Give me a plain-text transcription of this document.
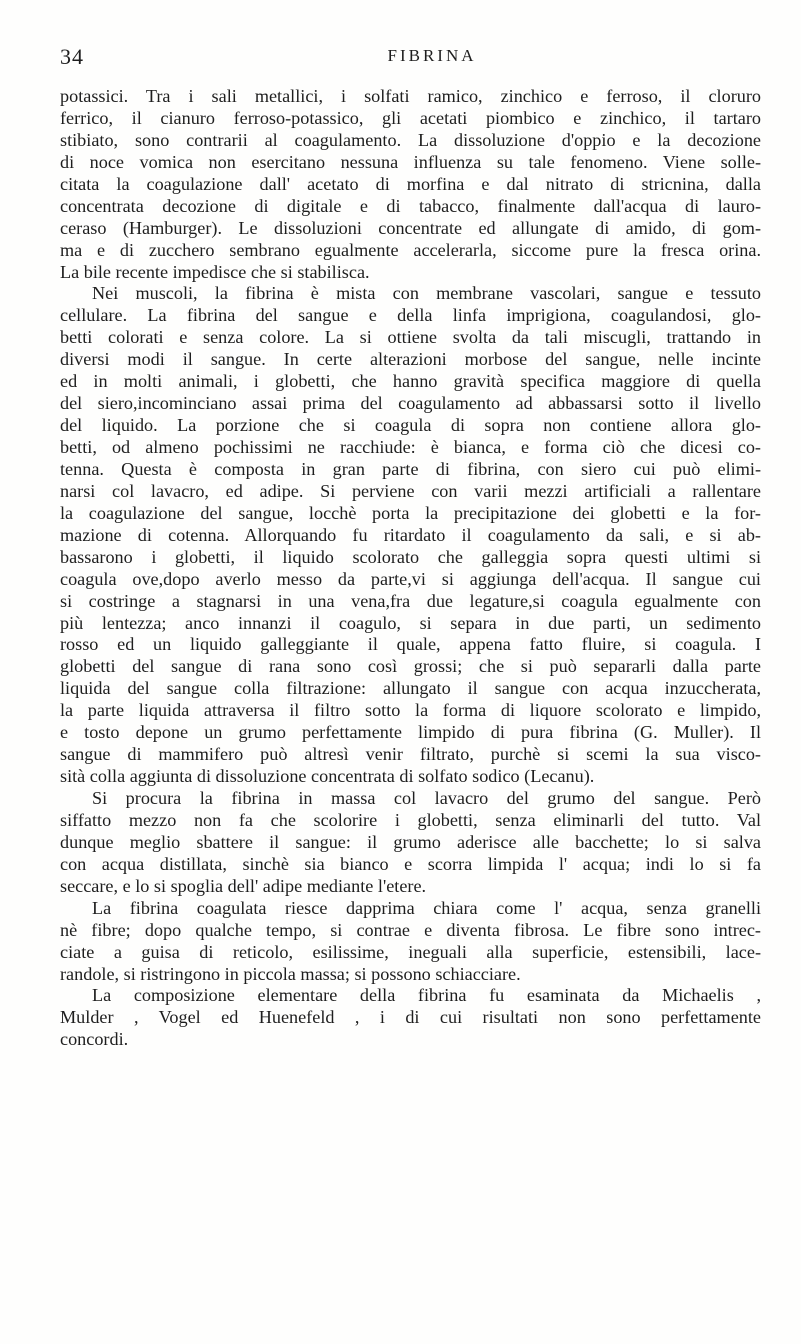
34	FIBRINA
potassici. Tra i sali metallici, i solfati ramico, zinchico e ferroso, il cloruro
ferrico, il cianuro ferroso-potassico, gli acetati piombico e zinchico, il tartaro
stibiato, sono contrarii al coagulamento. La dissoluzione d'oppio e la decozione
di noce vomica non esercitano nessuna influenza su tale fenomeno. Viene solle-
citata la coagulazione dall' acetato di morfina e dal nitrato di stricnina, dalla
concentrata decozione di digitale e di tabacco, finalmente dall'acqua di lauro-
ceraso (Hamburger). Le dissoluzioni concentrate ed allungate di amido, di gom-
ma e di zucchero sembrano egualmente accelerarla, siccome pure la fresca orina.
La bile recente impedisce che si stabilisca.
Nei muscoli, la fibrina è mista con membrane vascolari, sangue e tessuto
cellulare. La fibrina del sangue e della linfa imprigiona, coagulandosi, glo-
betti colorati e senza colore. La si ottiene svolta da tali miscugli, trattando in
diversi modi il sangue. In certe alterazioni morbose del sangue, nelle incinte
ed in molti animali, i globetti, che hanno gravità specifica maggiore di quella
del siero,incominciano assai prima del coagulamento ad abbassarsi sotto il livello
del liquido. La porzione che si coagula di sopra non contiene allora glo-
betti, od almeno pochissimi ne racchiude: è bianca, e forma ciò che dicesi co-
tenna. Questa è composta in gran parte di fibrina, con siero cui può elimi-
narsi col lavacro, ed adipe. Si perviene con varii mezzi artificiali a rallentare
la coagulazione del sangue, locchè porta la precipitazione dei globetti e la for-
mazione di cotenna. Allorquando fu ritardato il coagulamento da sali, e si ab-
bassarono i globetti, il liquido scolorato che galleggia sopra questi ultimi si
coagula ove,dopo averlo messo da parte,vi si aggiunga dell'acqua. Il sangue cui
si costringe a stagnarsi in una vena,fra due legature,si coagula egualmente con
più lentezza; anco innanzi il coagulo, si separa in due parti, un sedimento
rosso ed un liquido galleggiante il quale, appena fatto fluire, si coagula. I
globetti del sangue di rana sono così grossi; che si può separarli dalla parte
liquida del sangue colla filtrazione: allungato il sangue con acqua inzuccherata,
la parte liquida attraversa il filtro sotto la forma di liquore scolorato e limpido,
e tosto depone un grumo perfettamente limpido di pura fibrina (G. Muller). Il
sangue di mammifero può altresì venir filtrato, purchè si scemi la sua visco-
sità colla aggiunta di dissoluzione concentrata di solfato sodico (Lecanu).
Si procura la fibrina in massa col lavacro del grumo del sangue. Però
siffatto mezzo non fa che scolorire i globetti, senza eliminarli del tutto. Val
dunque meglio sbattere il sangue: il grumo aderisce alle bacchette; lo si salva
con acqua distillata, sinchè sia bianco e scorra limpida l' acqua; indi lo si fa
seccare, e lo si spoglia dell' adipe mediante l'etere.
La fibrina coagulata riesce dapprima chiara come l' acqua, senza granelli
nè fibre; dopo qualche tempo, si contrae e diventa fibrosa. Le fibre sono intrec-
ciate a guisa di reticolo, esilissime, ineguali alla superficie, estensibili, lace-
randole, si ristringono in piccola massa; si possono schiacciare.
La composizione elementare della fibrina fu esaminata da Michaelis ,
Mulder , Vogel ed Huenefeld , i di cui risultati non sono perfettamente
concordi.
